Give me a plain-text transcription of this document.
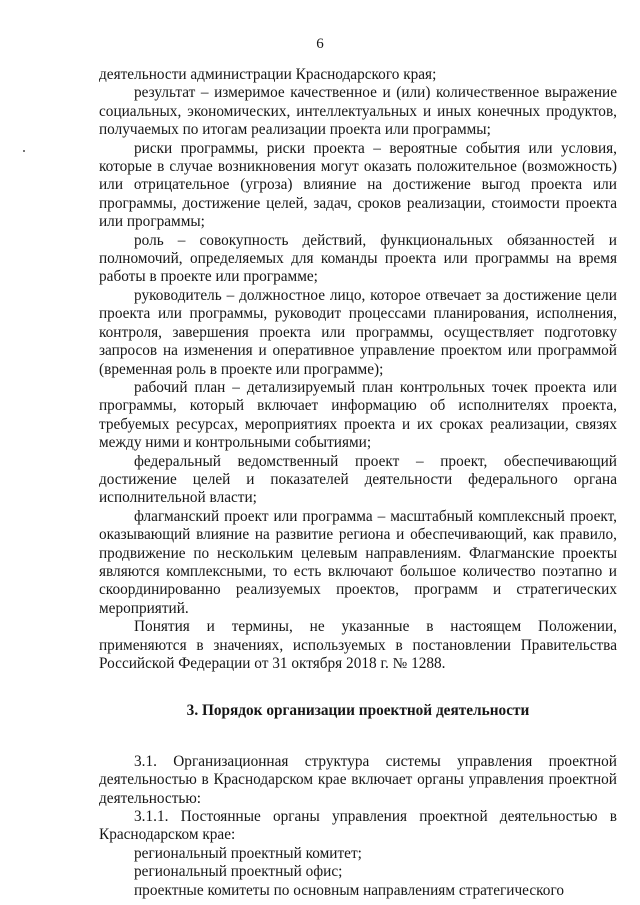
6

деятельности администрации Краснодарского края;

результат – измеримое качественное и (или) количественное выражение социальных, экономических, интеллектуальных и иных конечных продуктов, получаемых по итогам реализации проекта или программы;

риски программы, риски проекта – вероятные события или условия, которые в случае возникновения могут оказать положительное (возможность) или отрицательное (угроза) влияние на достижение выгод проекта или программы, достижение целей, задач, сроков реализации, стоимости проекта или программы;

роль – совокупность действий, функциональных обязанностей и полномочий, определяемых для команды проекта или программы на время работы в проекте или программе;

руководитель – должностное лицо, которое отвечает за достижение цели проекта или программы, руководит процессами планирования, исполнения, контроля, завершения проекта или программы, осуществляет подготовку запросов на изменения и оперативное управление проектом или программой (временная роль в проекте или программе);

рабочий план – детализируемый план контрольных точек проекта или программы, который включает информацию об исполнителях проекта, требуемых ресурсах, мероприятиях проекта и их сроках реализации, связях между ними и контрольными событиями;

федеральный ведомственный проект – проект, обеспечивающий достижение целей и показателей деятельности федерального органа исполнительной власти;

флагманский проект или программа – масштабный комплексный проект, оказывающий влияние на развитие региона и обеспечивающий, как правило, продвижение по нескольким целевым направлениям. Флагманские проекты являются комплексными, то есть включают большое количество поэтапно и скоординированно реализуемых проектов, программ и стратегических мероприятий.

Понятия и термины, не указанные в настоящем Положении, применяются в значениях, используемых в постановлении Правительства Российской Федерации от 31 октября 2018 г. № 1288.

3. Порядок организации проектной деятельности

3.1. Организационная структура системы управления проектной деятельностью в Краснодарском крае включает органы управления проектной деятельностью:

3.1.1. Постоянные органы управления проектной деятельностью в Краснодарском крае:

региональный проектный комитет;

региональный проектный офис;

проектные комитеты по основным направлениям стратегического
